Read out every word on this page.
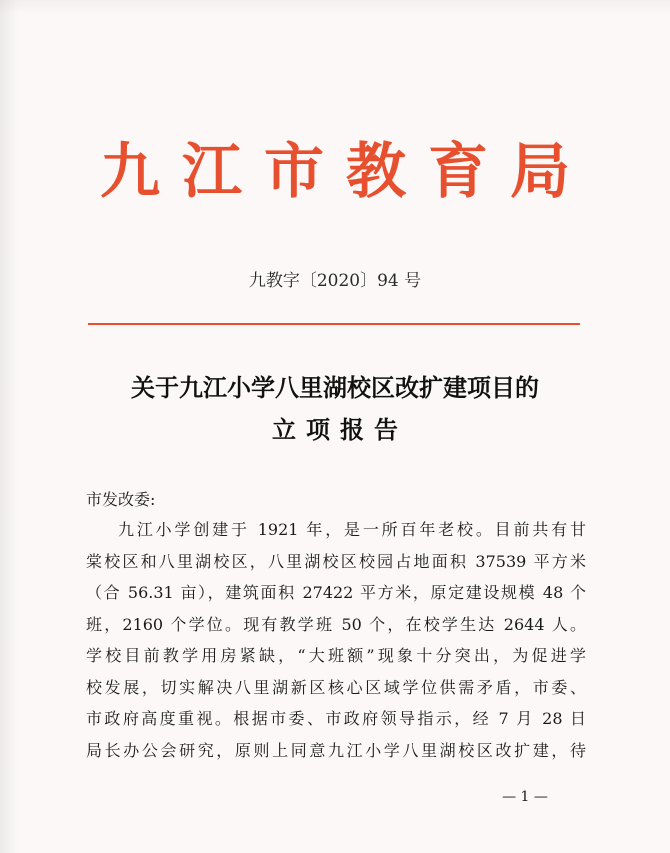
九江市教育局
九教字〔2020〕94 号
关于九江小学八里湖校区改扩建项目的
立项报告
市发改委:
九江小学创建于 1921 年，是一所百年老校。目前共有甘
棠校区和八里湖校区，八里湖校区校园占地面积 37539 平方米
（合 56.31 亩），建筑面积 27422 平方米，原定建设规模 48 个
班，2160 个学位。现有教学班 50 个，在校学生达 2644 人。
学校目前教学用房紧缺，“大班额”现象十分突出，为促进学
校发展，切实解决八里湖新区核心区域学位供需矛盾，市委、
市政府高度重视。根据市委、市政府领导指示，经 7 月 28 日
局长办公会研究，原则上同意九江小学八里湖校区改扩建，待
— 1 —
